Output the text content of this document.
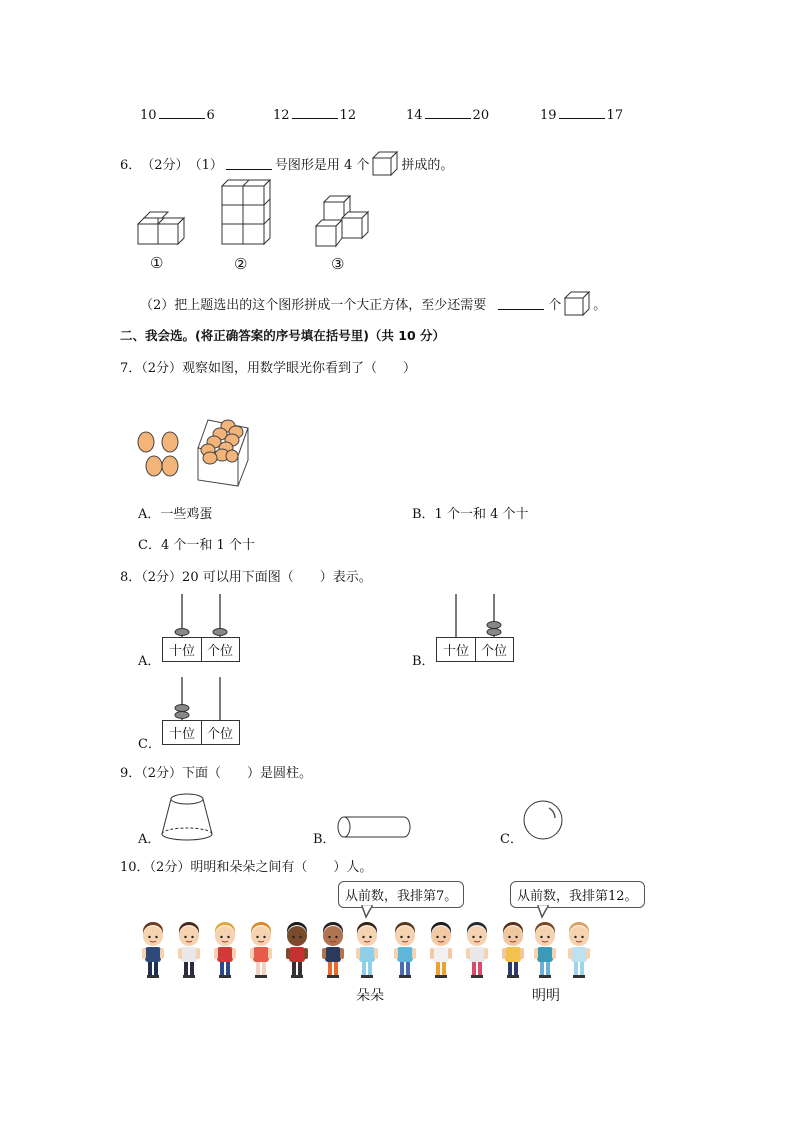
10	6	12	12	14	20	19	17
6． （2分） （1）	号图形是用 4 个 拼成的。
①	②	③
（2）把上题选出的这个图形拼成一个大正方体，至少还需要	个 。
二、我会选。(将正确答案的序号填在括号里)（共 10 分）
7．（2分）观察如图，用数学眼光你看到了（　　）
A．一些鸡蛋	B．1 个一和 4 个十
C．4 个一和 1 个十
8．（2分）20 可以用下面图（　　）表示。
A．
十位 个位
B．
十位 个位
C．
十位 个位
9．（2分）下面（　　）是圆柱。
A．	B．	C．
10．（2分）明明和朵朵之间有（　　）人。
从前数，我排第7。	从前数，我排第12。
朵朵	明明
